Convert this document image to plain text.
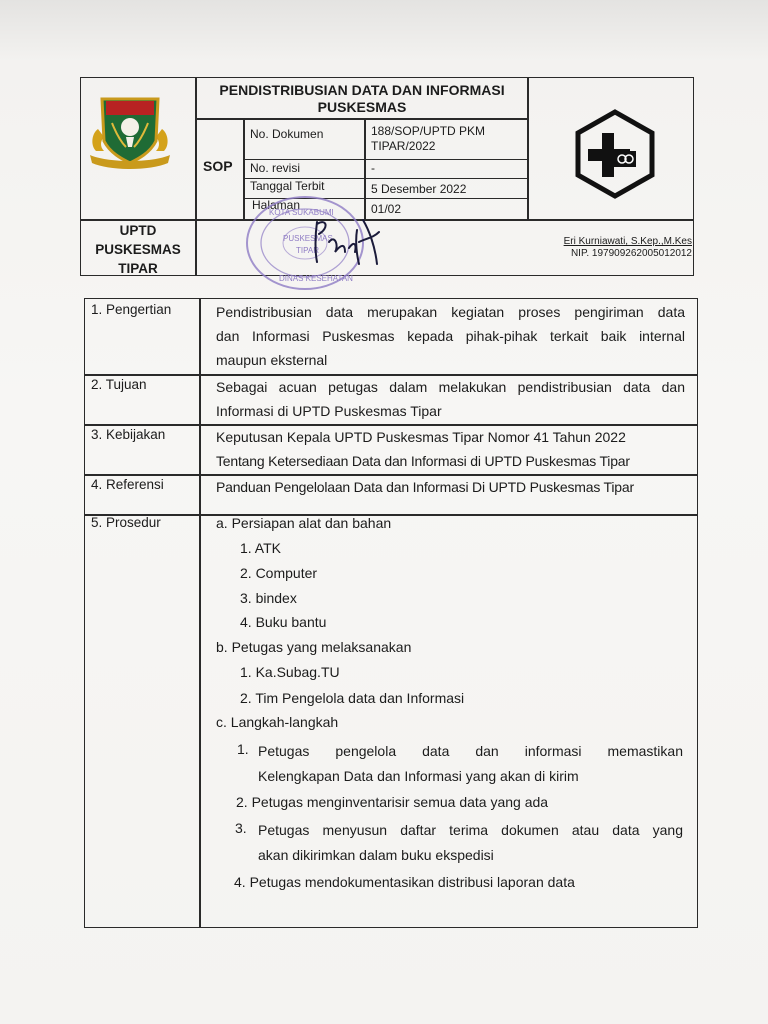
PENDISTRIBUSIAN DATA DAN INFORMASI PUSKESMAS
SOP
No. Dokumen	188/SOP/UPTD PKM
TIPAR/2022
No. revisi	-
Tanggal Terbit	5 Desember 2022
Halaman	01/02
UPTD
PUSKESMAS
TIPAR
Eri Kurniawati, S.Kep.,M.Kes
NIP. 197909262005012012
KOTA SUKABUMI
PUSKESMAS
TIPAR
DINAS KESEHATAN
1. Pengertian	Pendistribusian data merupakan kegiatan proses pengiriman data
dan Informasi Puskesmas kepada pihak-pihak terkait baik internal
maupun eksternal
2. Tujuan	Sebagai acuan petugas dalam melakukan pendistribusian data dan
Informasi di UPTD Puskesmas Tipar
3. Kebijakan	Keputusan Kepala UPTD Puskesmas Tipar Nomor 41 Tahun 2022
Tentang Ketersediaan Data dan Informasi di UPTD Puskesmas Tipar
4. Referensi	Panduan Pengelolaan Data dan Informasi Di UPTD Puskesmas Tipar
5. Prosedur	a. Persiapan alat dan bahan
1. ATK
2. Computer
3. bindex
4. Buku bantu
b. Petugas yang melaksanakan
1. Ka.Subag.TU
2. Tim Pengelola data dan Informasi
c. Langkah-langkah
1. Petugas pengelola data dan informasi memastikan
Kelengkapan Data dan Informasi yang akan di kirim
2. Petugas menginventarisir semua data yang ada
3. Petugas menyusun daftar terima dokumen atau data yang
akan dikirimkan dalam buku ekspedisi
4. Petugas mendokumentasikan distribusi laporan data
